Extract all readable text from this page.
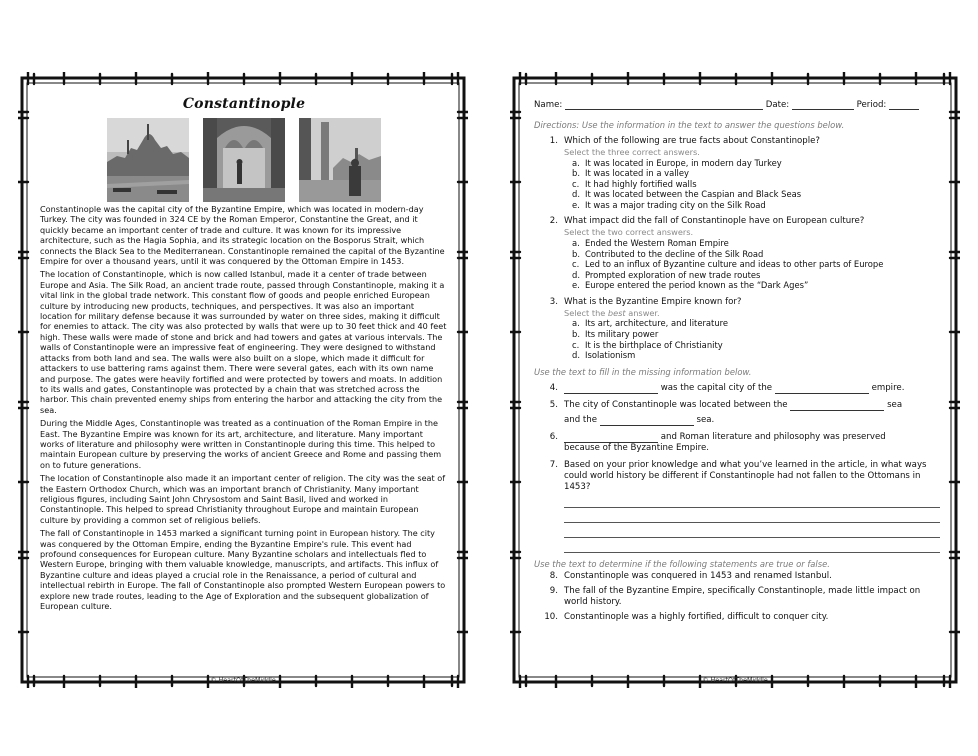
Constantinople

Constantinople was the capital city of the Byzantine Empire, which was located in modern-day Turkey. The city was founded in 324 CE by the Roman Emperor, Constantine the Great, and it quickly became an important center of trade and culture. It was known for its impressive architecture, such as the Hagia Sophia, and its strategic location on the Bosporus Strait, which connects the Black Sea to the Mediterranean. Constantinople remained the capital of the Byzantine Empire for over a thousand years, until it was conquered by the Ottoman Empire in 1453.

The location of Constantinople, which is now called Istanbul, made it a center of trade between Europe and Asia. The Silk Road, an ancient trade route, passed through Constantinople, making it a vital link in the global trade network. This constant flow of goods and people enriched European culture by introducing new products, techniques, and perspectives. It was also an important location for military defense because it was surrounded by water on three sides, making it difficult for enemies to attack. The city was also protected by walls that were up to 30 feet thick and 40 feet high. These walls were made of stone and brick and had towers and gates at various intervals. The walls of Constantinople were an impressive feat of engineering. They were designed to withstand attacks from both land and sea. The walls were also built on a slope, which made it difficult for attackers to use battering rams against them. There were several gates, each with its own name and purpose. The gates were heavily fortified and were protected by towers and moats. In addition to its walls and gates, Constantinople was protected by a chain that was stretched across the harbor. This chain prevented enemy ships from entering the harbor and attacking the city from the sea.

During the Middle Ages, Constantinople was treated as a continuation of the Roman Empire in the East. The Byzantine Empire was known for its art, architecture, and literature. Many important works of literature and philosophy were written in Constantinople during this time. This helped to maintain European culture by preserving the works of ancient Greece and Rome and passing them on to future generations.

The location of Constantinople also made it an important center of religion. The city was the seat of the Eastern Orthodox Church, which was an important branch of Christianity. Many important religious figures, including Saint John Chrysostom and Saint Basil, lived and worked in Constantinople. This helped to spread Christianity throughout Europe and maintain European culture by providing a common set of religious beliefs.

The fall of Constantinople in 1453 marked a significant turning point in European history. The city was conquered by the Ottoman Empire, ending the Byzantine Empire's rule. This event had profound consequences for European culture. Many Byzantine scholars and intellectuals fled to Western Europe, bringing with them valuable knowledge, manuscripts, and artifacts. This influx of Byzantine culture and ideas played a crucial role in the Renaissance, a period of cultural and intellectual rebirth in Europe. The fall of Constantinople also prompted Western European powers to explore new trade routes, leading to the Age of Exploration and the subsequent globalization of European culture.

© HeartOfTheMiddle
Name:	Date:	Period:
Directions: Use the information in the text to answer the questions below.
1. Which of the following are true facts about Constantinople?
Select the three correct answers.
a. It was located in Europe, in modern day Turkey
b. It was located in a valley
c. It had highly fortified walls
d. It was located between the Caspian and Black Seas
e. It was a major trading city on the Silk Road
2. What impact did the fall of Constantinople have on European culture?
Select the two correct answers.
a. Ended the Western Roman Empire
b. Contributed to the decline of the Silk Road
c. Led to an influx of Byzantine culture and ideas to other parts of Europe
d. Prompted exploration of new trade routes
e. Europe entered the period known as the “Dark Ages”
3. What is the Byzantine Empire known for?
Select the best answer.
a. Its art, architecture, and literature
b. Its military power
c. It is the birthplace of Christianity
d. Isolationism
Use the text to fill in the missing information below.
4.	was the capital city of the	empire.
5. The city of Constantinople was located between the	sea
and the	sea.
6.	and Roman literature and philosophy was preserved
because of the Byzantine Empire.
7. Based on your prior knowledge and what you’ve learned in the article, in what ways could world history be different if Constantinople had not fallen to the Ottomans in 1453?
Use the text to determine if the following statements are true or false.
8. Constantinople was conquered in 1453 and renamed Istanbul.
9. The fall of the Byzantine Empire, specifically Constantinople, made little impact on world history.
10. Constantinople was a highly fortified, difficult to conquer city.
© HeartOfTheMiddle
